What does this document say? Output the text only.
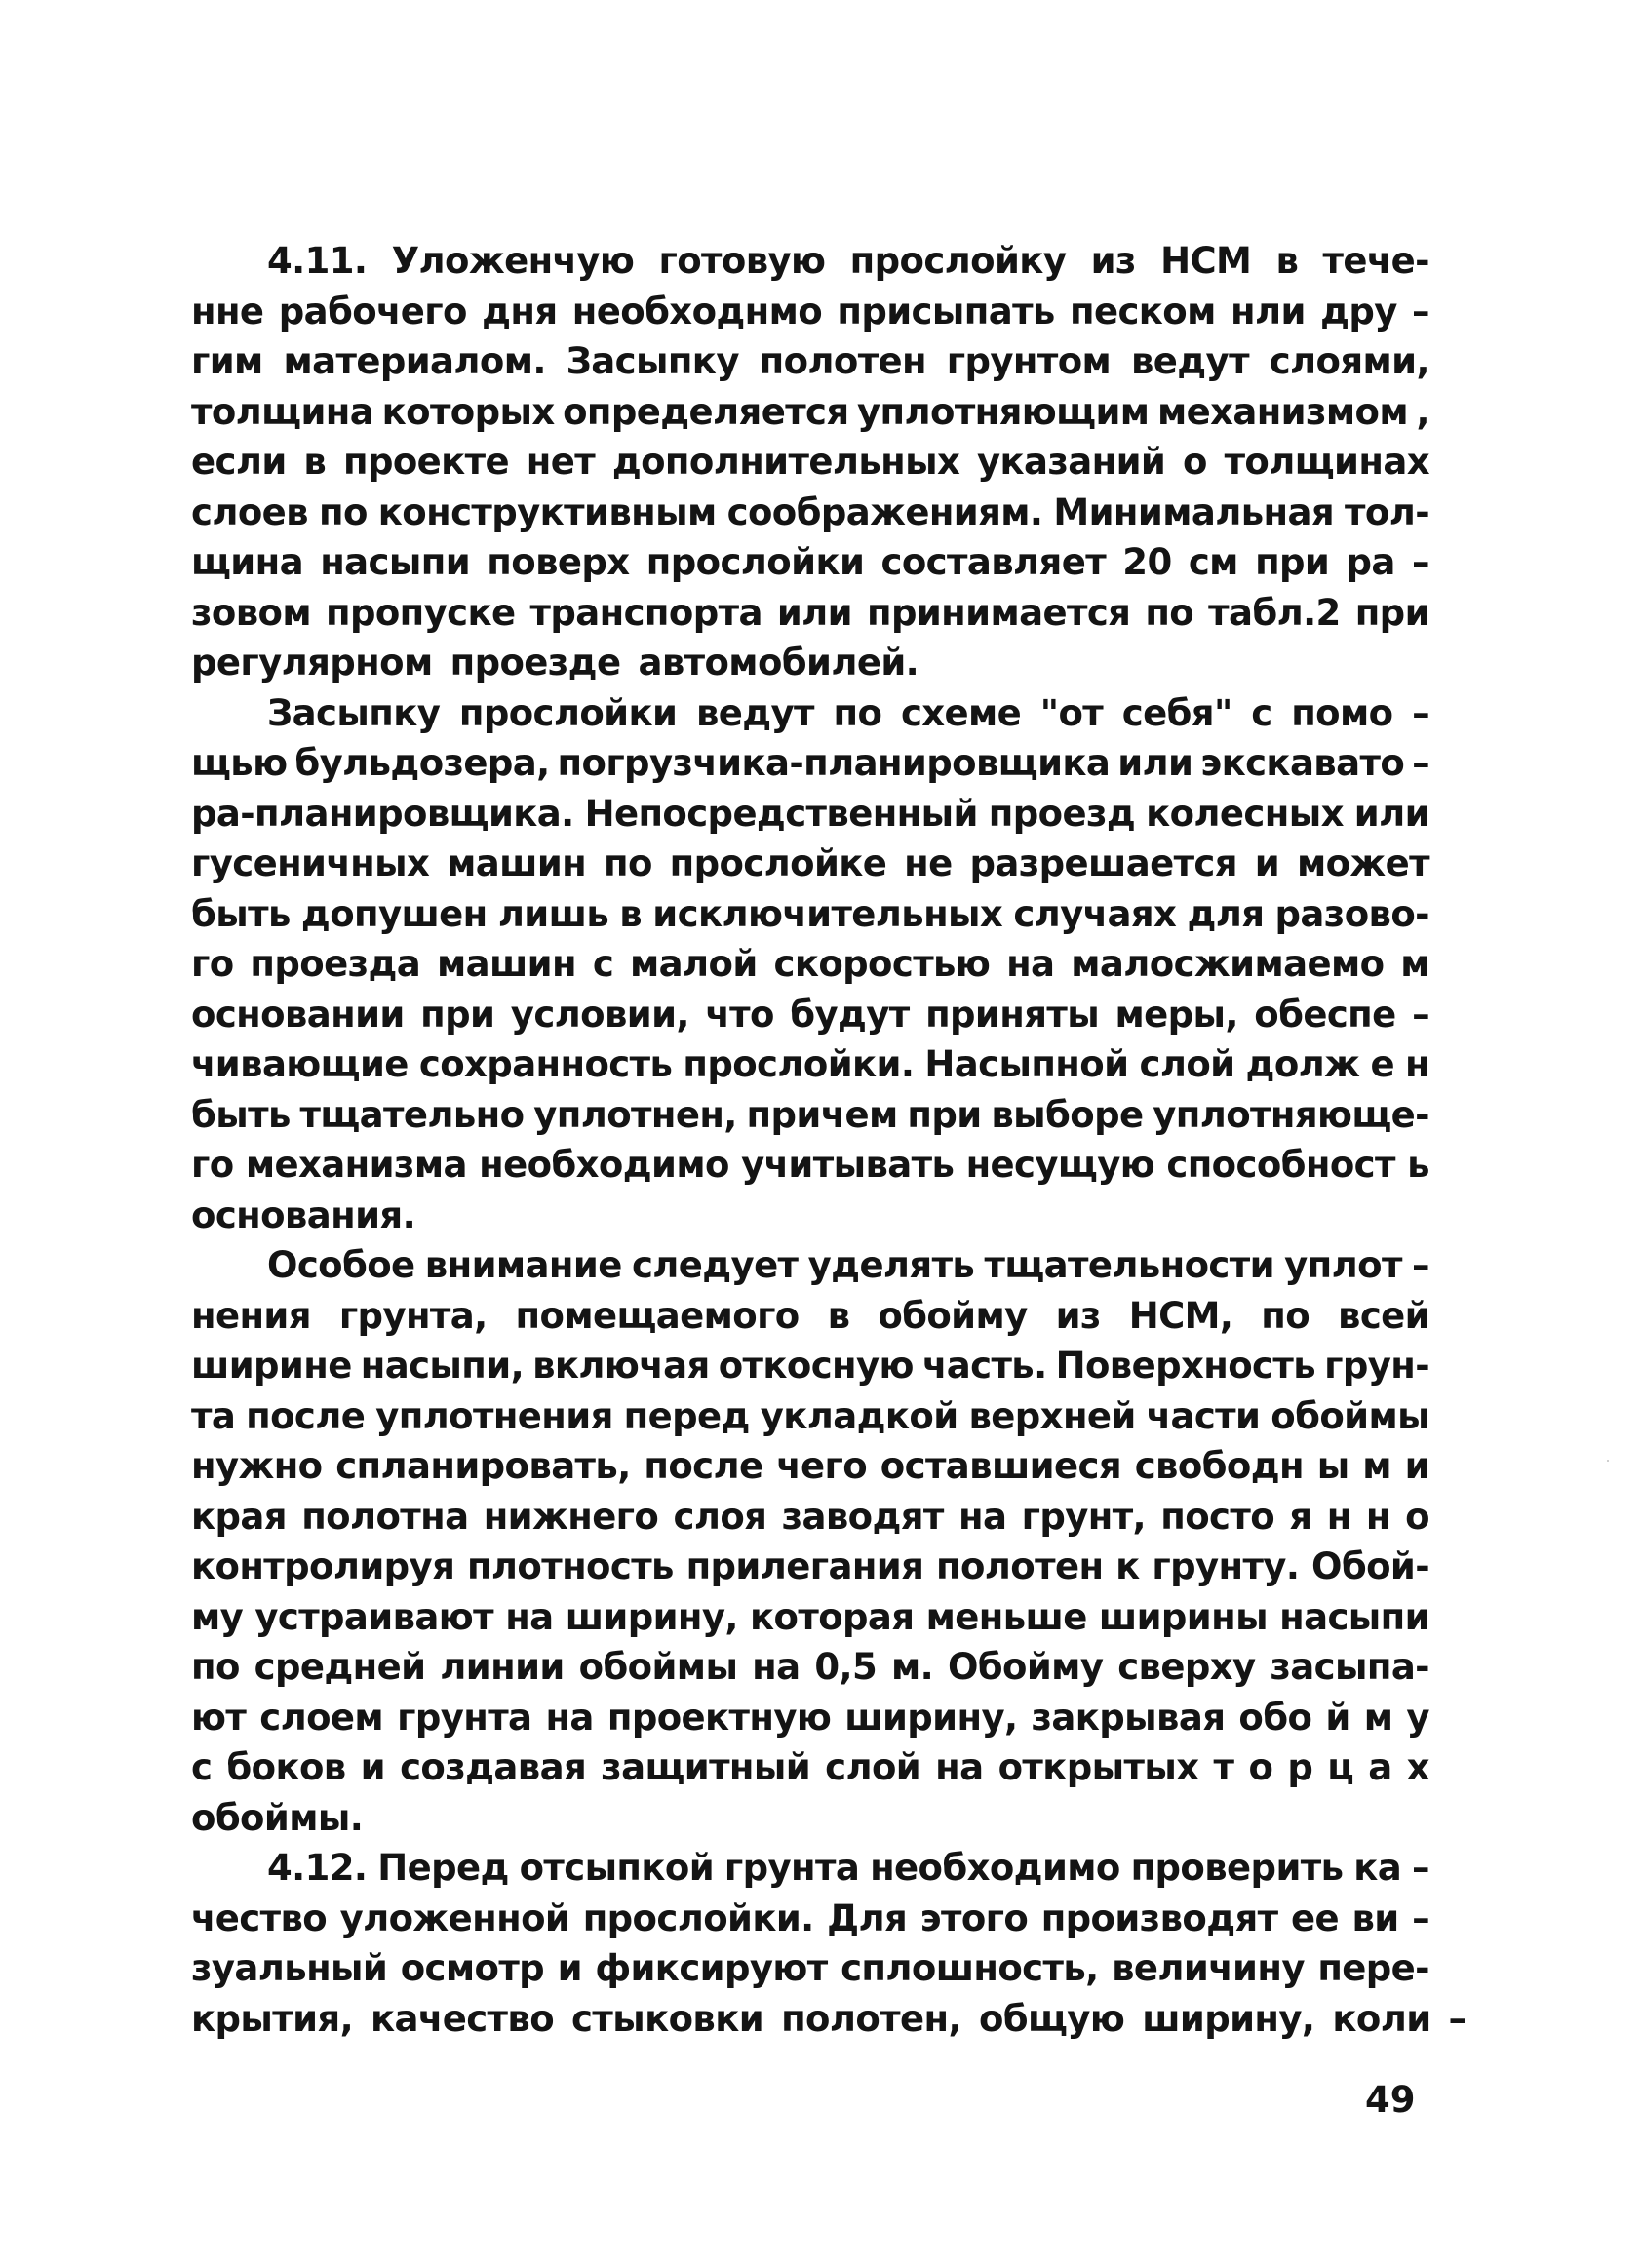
4.11. Уложенчую готовую прослойку из НСМ в тече-
нне рабочего дня необходнмо присыпать песком нли дру –
гим материалом. Засыпку полотен грунтом ведут слоями,
толщина которых определяется уплотняющим механизмом ,
если в проекте нет дополнительных указаний о толщинах
слоев по конструктивным соображениям. Минимальная тол-
щина насыпи поверх прослойки составляет 20 см при ра –
зовом пропуске транспорта или принимается по табл.2 при
регулярном проезде автомобилей.
Засыпку прослойки ведут по схеме "от себя" с помо –
щью бульдозера, погрузчика-планировщика или экскавато –
ра-планировщика. Непосредственный проезд колесных или
гусеничных машин по прослойке не разрешается и может
быть допушен лишь в исключительных случаях для разово-
го проезда машин с малой скоростью на малосжимаемо м
основании при условии, что будут приняты меры, обеспе –
чивающие сохранность прослойки. Насыпной слой долж е н
быть тщательно уплотнен, причем при выборе уплотняюще-
го механизма необходимо учитывать несущую способност ь
основания.
Особое внимание следует уделять тщательности уплот –
нения грунта, помещаемого в обойму из НСМ, по всей
ширине насыпи, включая откосную часть. Поверхность грун-
та после уплотнения перед укладкой верхней части обоймы
нужно спланировать, после чего оставшиеся свободн ы м и
края полотна нижнего слоя заводят на грунт, посто я н н о
контролируя плотность прилегания полотен к грунту. Обой-
му устраивают на ширину, которая меньше ширины насыпи
по средней линии обоймы на 0,5 м. Обойму сверху засыпа-
ют слоем грунта на проектную ширину, закрывая обо й м у
с боков и создавая защитный слой на открытых т о р ц а х
обоймы.
4.12. Перед отсыпкой грунта необходимо проверить ка –
чество уложенной прослойки. Для этого производят ее ви –
зуальный осмотр и фиксируют сплошность, величину пере-
крытия, качество стыковки полотен, общую ширину, коли –
49
